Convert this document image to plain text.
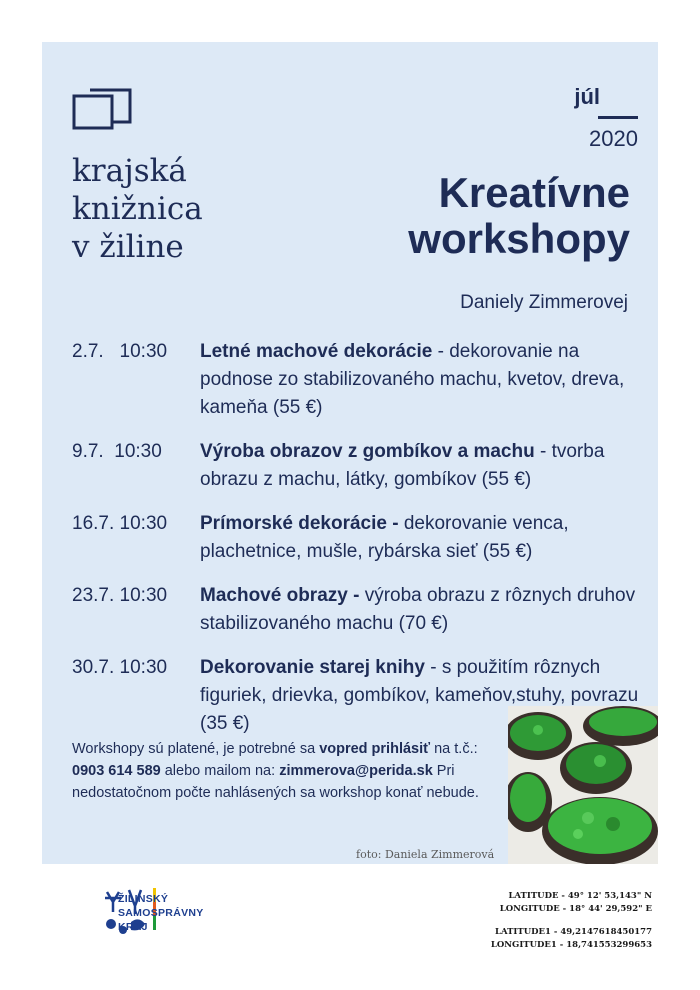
krajská
knižnica
v žiline

júl
2020
Kreatívne
workshopy
Daniely Zimmerovej
2.7.   10:30	Letné machové dekorácie - dekorovanie na podnose zo stabilizovaného machu, kvetov, dreva, kameňa (55 €)
9.7.  10:30	Výroba obrazov z gombíkov a machu - tvorba obrazu z machu, látky, gombíkov (55 €)
16.7. 10:30	Prímorské dekorácie - dekorovanie venca, plachetnice, mušle, rybárska sieť (55 €)
23.7. 10:30	Machové obrazy - výroba obrazu z rôznych druhov stabilizovaného machu (70 €)
30.7. 10:30	Dekorovanie starej knihy - s použitím rôznych figuriek, drievka, gombíkov, kameňov,stuhy, povrazu (35 €)
Workshopy sú platené, je potrebné sa vopred prihlásiť na t.č.: 0903 614 589 alebo mailom na: zimmerova@perida.sk Pri nedostatočnom počte nahlásených sa workshop konať nebude.
foto: Daniela Zimmerová
ŽILINSKÝ
SAMOSPRÁVNY
KRAJ
LATITUDE - 49° 12' 53,143" N
LONGITUDE - 18° 44' 29,592" E
LATITUDE1 - 49,2147618450177
LONGITUDE1 - 18,741553299653
